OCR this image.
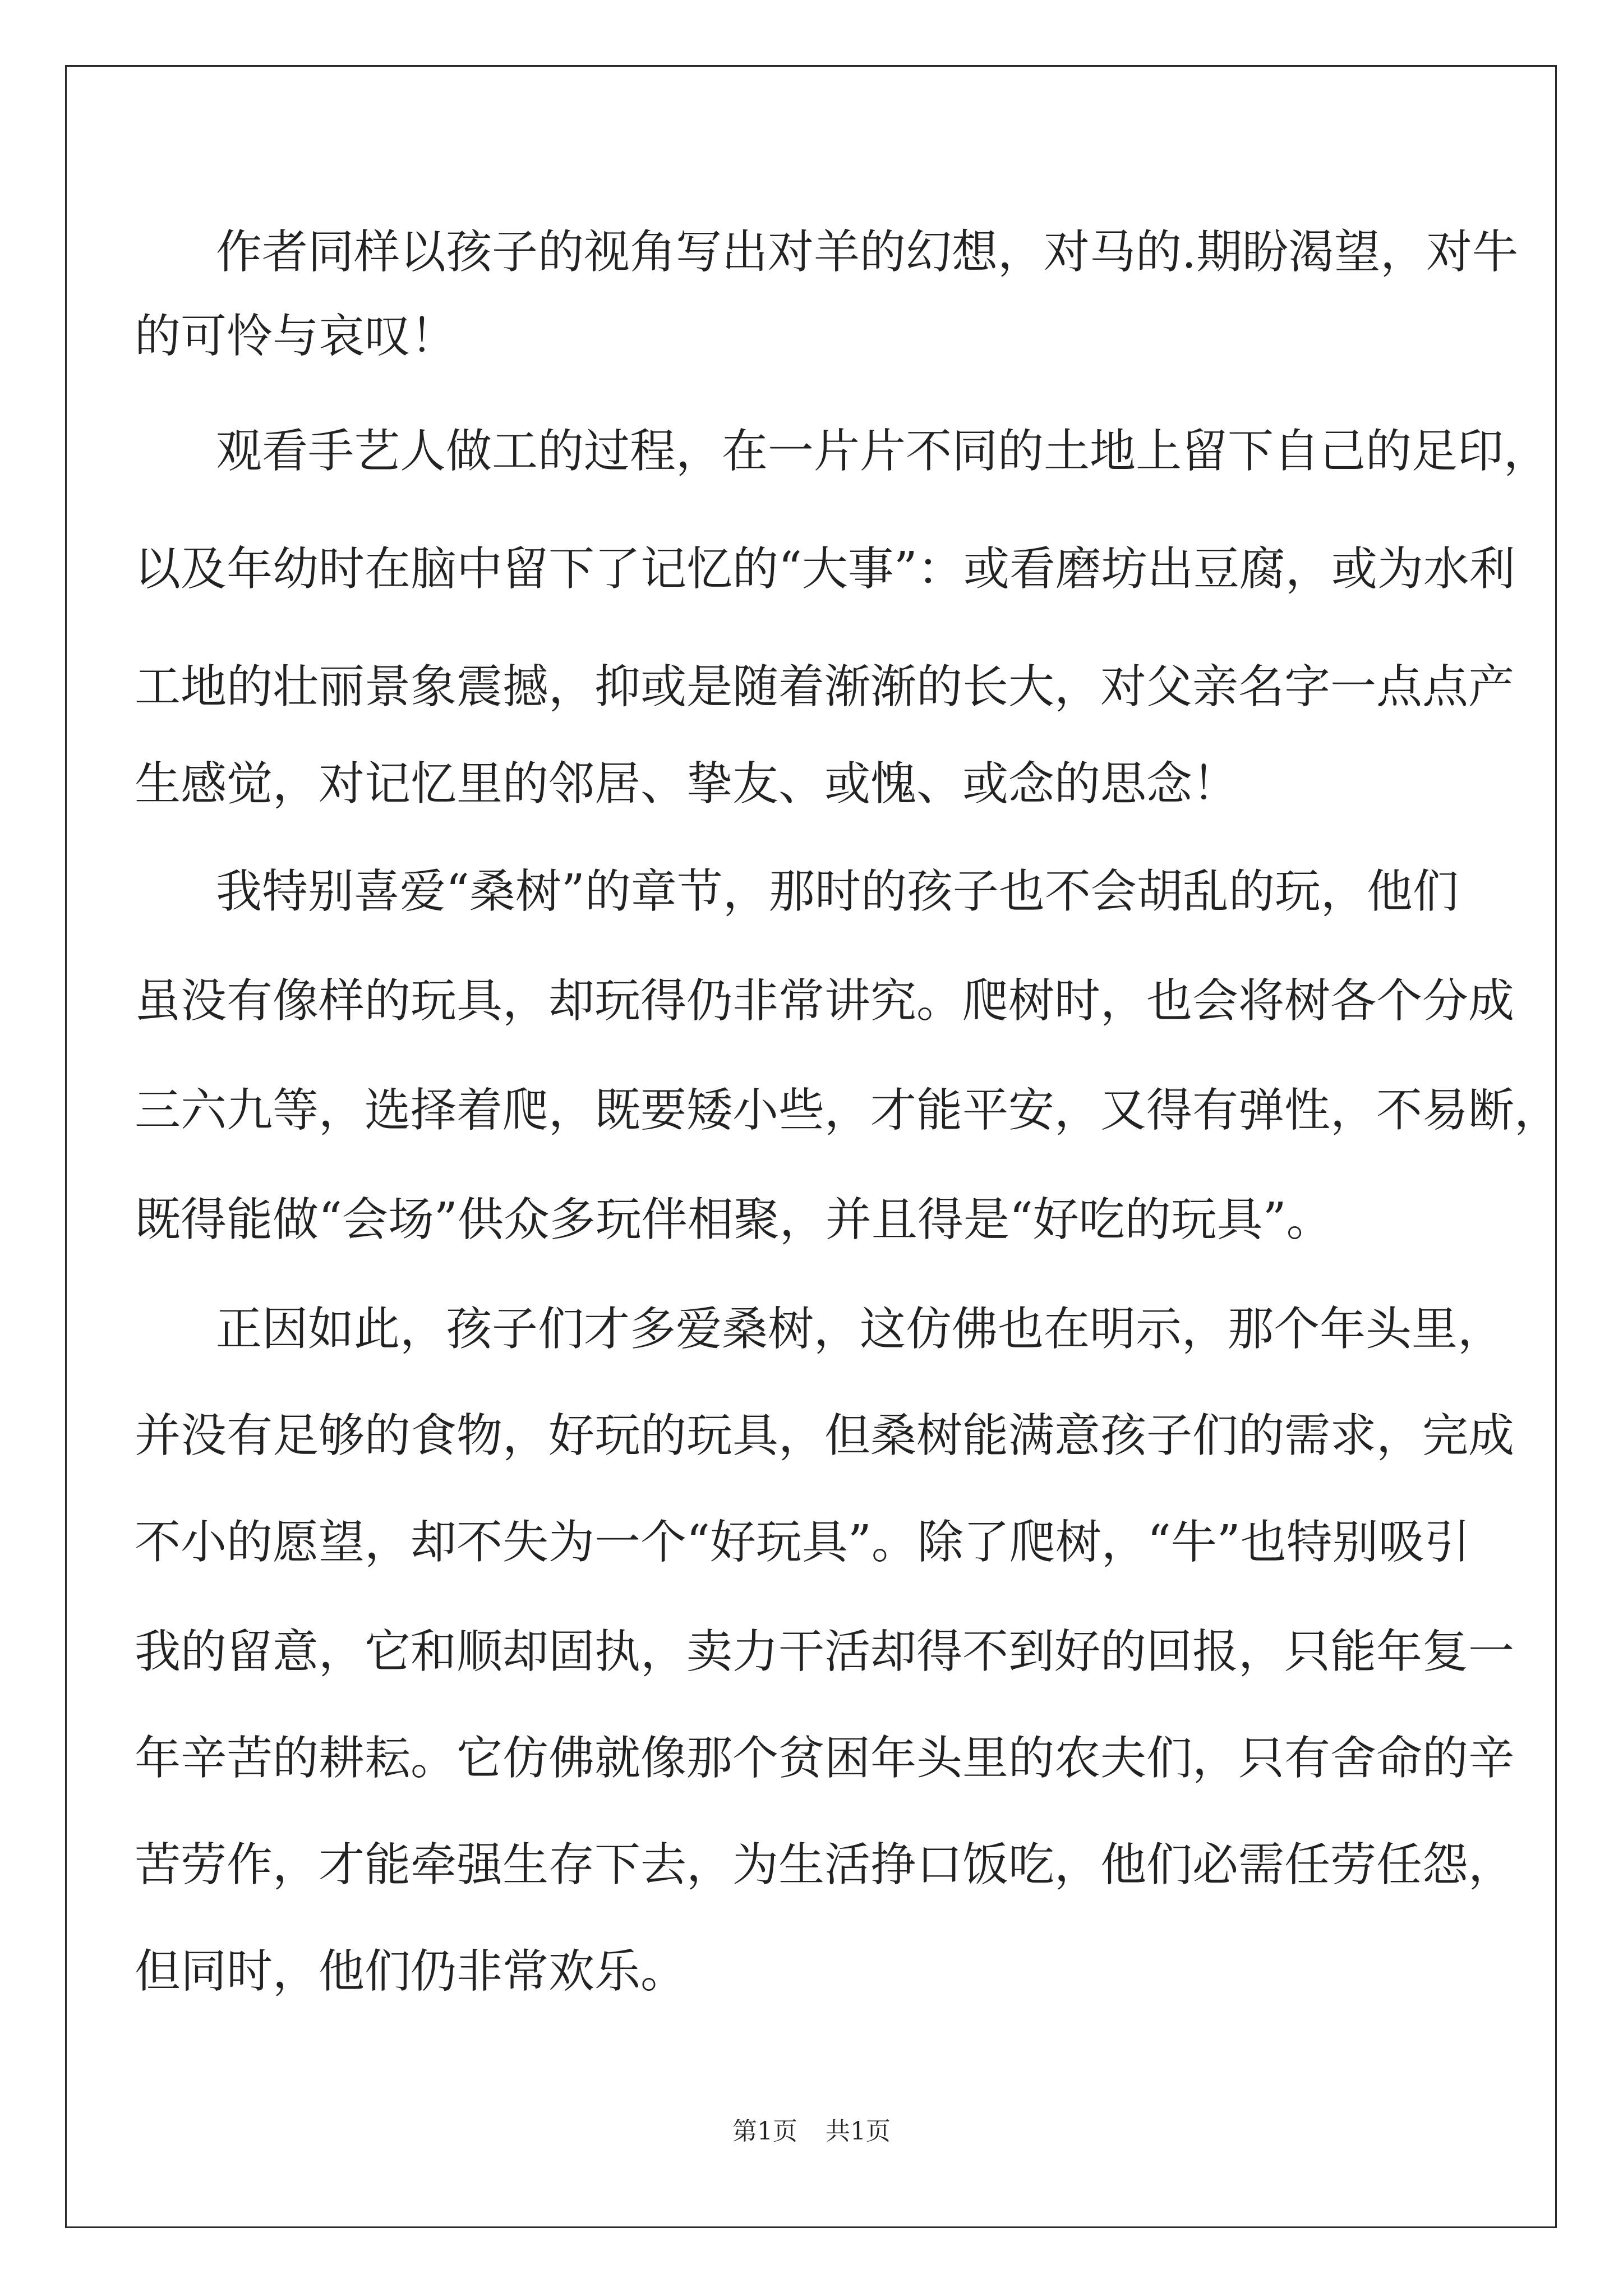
作者同样以孩子的视角写出对羊的幻想，对马的.期盼渴望，对牛
的可怜与哀叹！
观看手艺人做工的过程，在一片片不同的土地上留下自己的足印，
以及年幼时在脑中留下了记忆的“大事”：或看磨坊出豆腐，或为水利
工地的壮丽景象震撼，抑或是随着渐渐的长大，对父亲名字一点点产
生感觉，对记忆里的邻居、挚友、或愧、或念的思念！
我特别喜爱“桑树”的章节，那时的孩子也不会胡乱的玩，他们
虽没有像样的玩具，却玩得仍非常讲究。爬树时，也会将树各个分成
三六九等，选择着爬，既要矮小些，才能平安，又得有弹性，不易断，
既得能做“会场”供众多玩伴相聚，并且得是“好吃的玩具”。
正因如此，孩子们才多爱桑树，这仿佛也在明示，那个年头里，
并没有足够的食物，好玩的玩具，但桑树能满意孩子们的需求，完成
不小的愿望，却不失为一个“好玩具”。除了爬树，“牛”也特别吸引
我的留意，它和顺却固执，卖力干活却得不到好的回报，只能年复一
年辛苦的耕耘。它仿佛就像那个贫困年头里的农夫们，只有舍命的辛
苦劳作，才能牵强生存下去，为生活挣口饭吃，他们必需任劳任怨，
但同时，他们仍非常欢乐。
第1页 共1页
